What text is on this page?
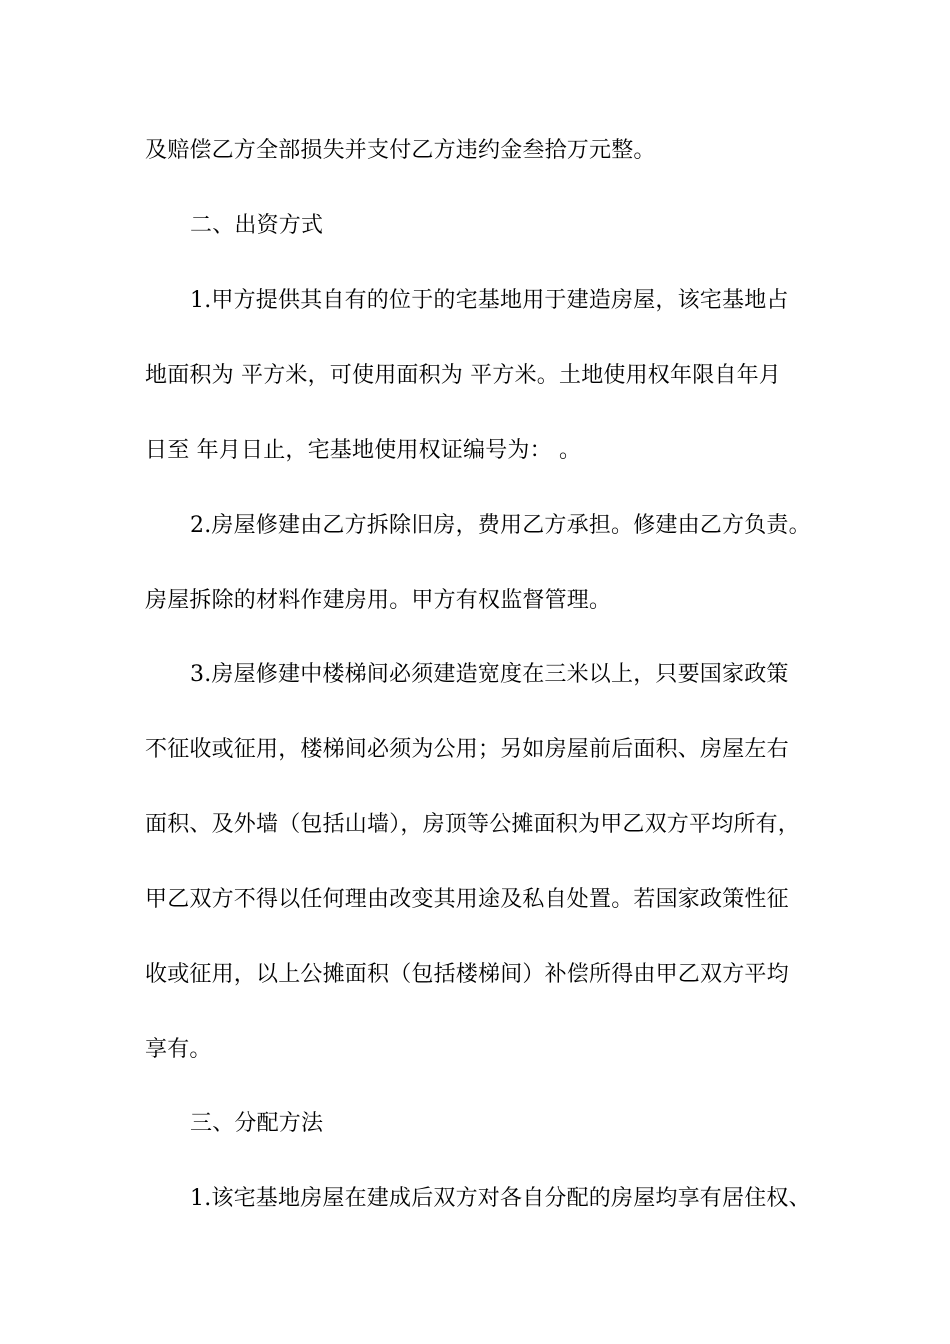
及赔偿乙方全部损失并支付乙方违约金叁拾万元整。
二、出资方式
1.甲方提供其自有的位于的宅基地用于建造房屋，该宅基地占
地面积为 平方米，可使用面积为 平方米。土地使用权年限自年月
日至 年月日止，宅基地使用权证编号为： 。
2.房屋修建由乙方拆除旧房，费用乙方承担。修建由乙方负责。
房屋拆除的材料作建房用。甲方有权监督管理。
3.房屋修建中楼梯间必须建造宽度在三米以上，只要国家政策
不征收或征用，楼梯间必须为公用；另如房屋前后面积、房屋左右
面积、及外墙（包括山墙），房顶等公摊面积为甲乙双方平均所有，
甲乙双方不得以任何理由改变其用途及私自处置。若国家政策性征
收或征用，以上公摊面积（包括楼梯间）补偿所得由甲乙双方平均
享有。
三、分配方法
1.该宅基地房屋在建成后双方对各自分配的房屋均享有居住权、
